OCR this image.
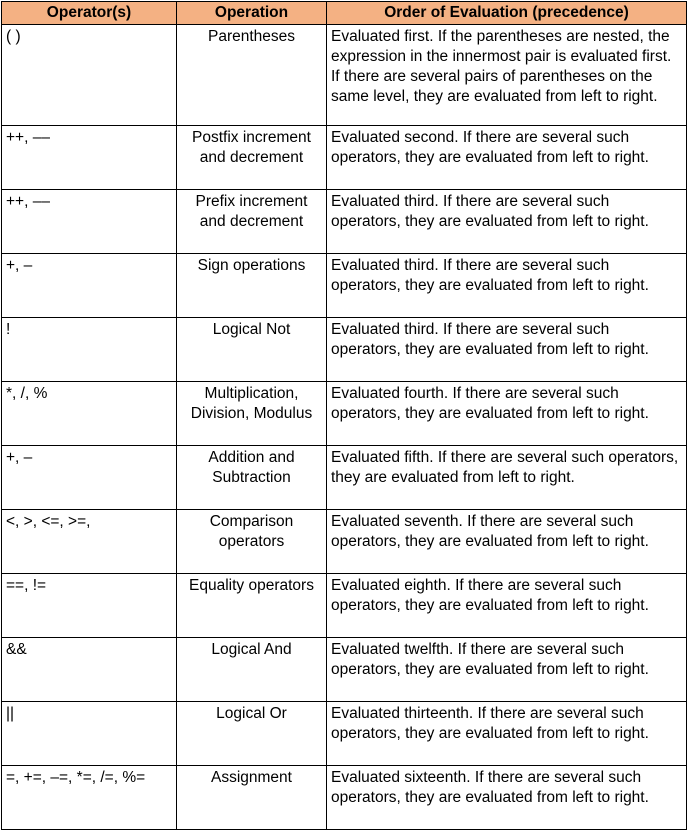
Operator(s)	Operation	Order of Evaluation (precedence)
( )	Parentheses	Evaluated first. If the parentheses are nested, the expression in the innermost pair is evaluated first. If there are several pairs of parentheses on the same level, they are evaluated from left to right.
++, ––	Postfix increment and decrement	Evaluated second. If there are several such operators, they are evaluated from left to right.
++, ––	Prefix increment and decrement	Evaluated third. If there are several such operators, they are evaluated from left to right.
+, –	Sign operations	Evaluated third. If there are several such operators, they are evaluated from left to right.
!	Logical Not	Evaluated third. If there are several such operators, they are evaluated from left to right.
*, /, %	Multiplication, Division, Modulus	Evaluated fourth. If there are several such operators, they are evaluated from left to right.
+, –	Addition and Subtraction	Evaluated fifth. If there are several such operators, they are evaluated from left to right.
<, >, <=, >=,	Comparison operators	Evaluated seventh. If there are several such operators, they are evaluated from left to right.
==, !=	Equality operators	Evaluated eighth. If there are several such operators, they are evaluated from left to right.
&&	Logical And	Evaluated twelfth. If there are several such operators, they are evaluated from left to right.
||	Logical Or	Evaluated thirteenth. If there are several such operators, they are evaluated from left to right.
=, +=, –=, *=, /=, %=	Assignment	Evaluated sixteenth. If there are several such operators, they are evaluated from left to right.
